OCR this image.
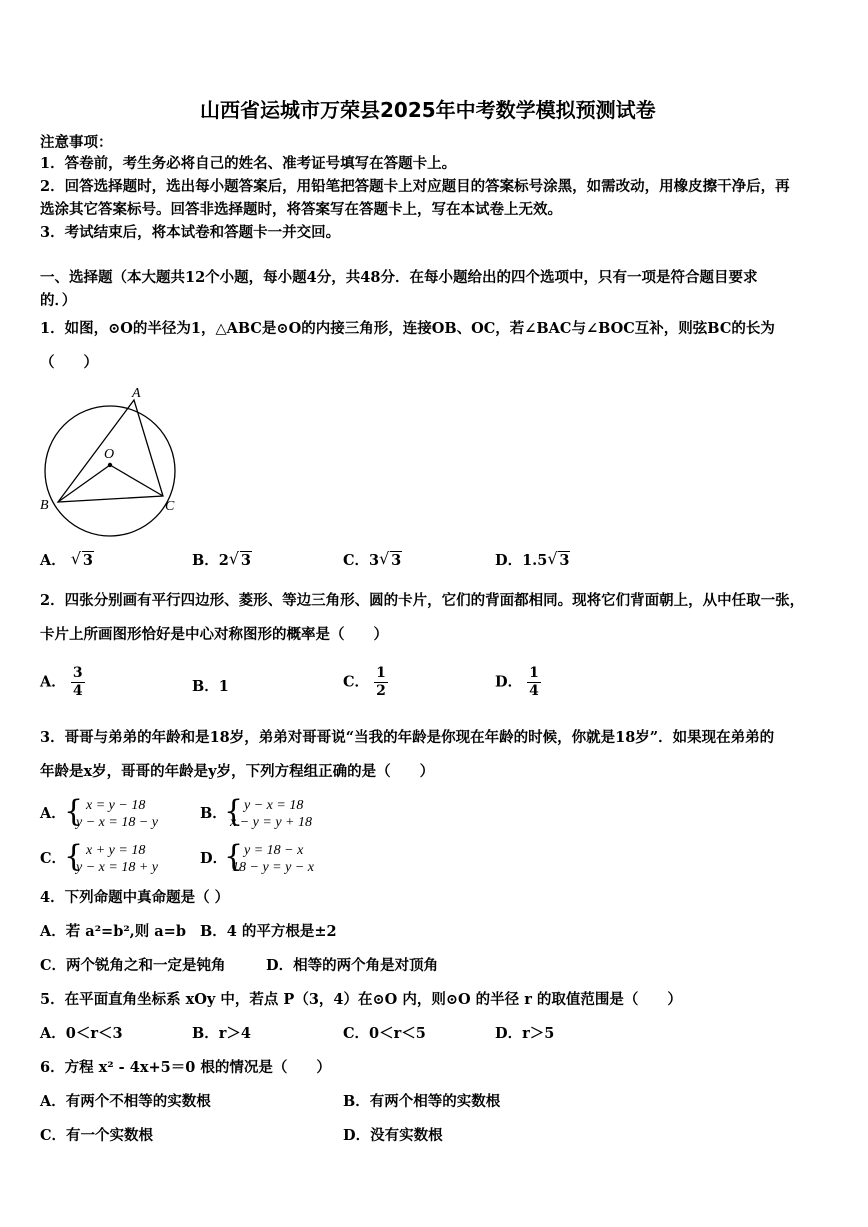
山西省运城市万荣县2025年中考数学模拟预测试卷
注意事项：
1．答卷前，考生务必将自己的姓名、准考证号填写在答题卡上。
2．回答选择题时，选出每小题答案后，用铅笔把答题卡上对应题目的答案标号涂黑，如需改动，用橡皮擦干净后，再
选涂其它答案标号。回答非选择题时，将答案写在答题卡上，写在本试卷上无效。
3．考试结束后，将本试卷和答题卡一并交回。
一、选择题（本大题共12个小题，每小题4分，共48分．在每小题给出的四个选项中，只有一项是符合题目要求
的．）
1．如图，⊙O的半径为1，△ABC是⊙O的内接三角形，连接OB、OC，若∠BAC与∠BOC互补，则弦BC的长为
（　　）
A
O
B	C
A． √ 3	B．2 √ 3	C．3 √ 3	D．1.5 √ 3
2．四张分别画有平行四边形、菱形、等边三角形、圆的卡片，它们的背面都相同。现将它们背面朝上，从中任取一张，
卡片上所画图形恰好是中心对称图形的概率是（　　）
A． $\frac{3}{4}$	B．1	C． $\frac{1}{2}$	D． $\frac{1}{4}$
3．哥哥与弟弟的年龄和是18岁，弟弟对哥哥说“当我的年龄是你现在年龄的时候，你就是18岁”．如果现在弟弟的
年龄是x岁，哥哥的年龄是y岁，下列方程组正确的是（　　）
A．
{ x = y − 18
y − x = 18 − y
B．
{ y − x = 18
x − y = y + 18
C．
{ x + y = 18
y − x = 18 + y
D．
{ y = 18 − x
18 − y = y − x
4．下列命题中真命题是（ ）
A．若 a²=b²,则 a=b B．4 的平方根是±2
C．两个锐角之和一定是钝角	D．相等的两个角是对顶角
5．在平面直角坐标系 xOy 中，若点 P（3，4）在⊙O 内，则⊙O 的半径 r 的取值范围是（　　）
A．0＜r＜3	B．r＞4	C．0＜r＜5	D．r＞5
6．方程 x² - 4x+5＝0 根的情况是（　　）
A．有两个不相等的实数根	B．有两个相等的实数根
C．有一个实数根	D．没有实数根
